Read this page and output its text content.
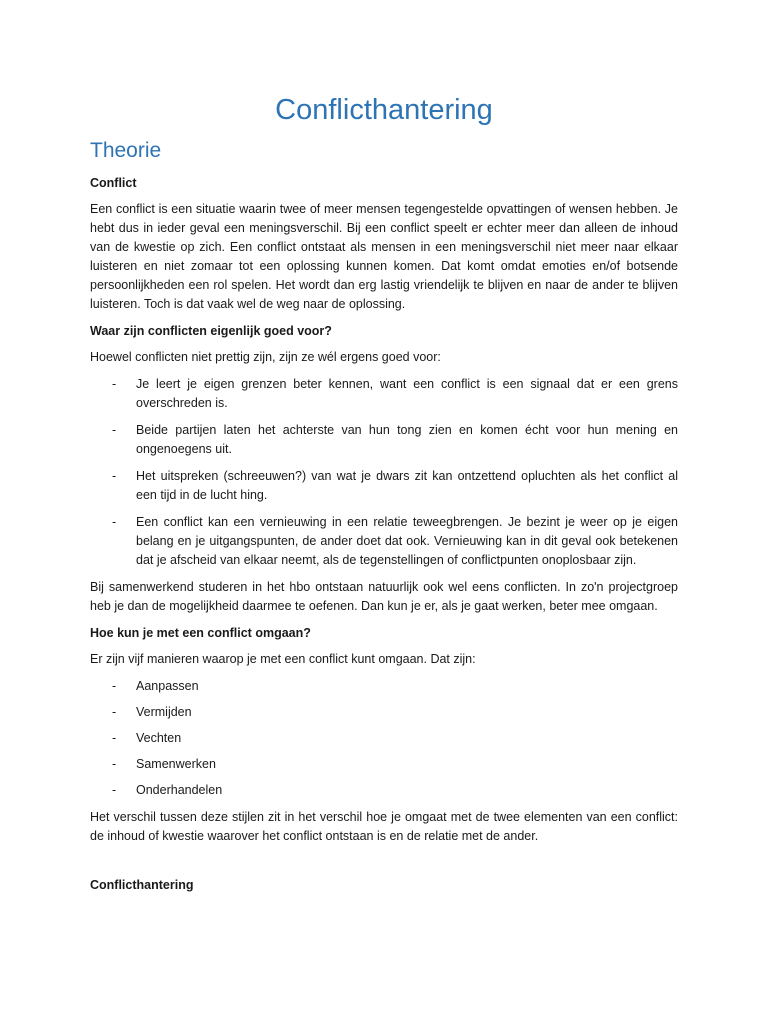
Conflicthantering
Theorie
Conflict

Een conflict is een situatie waarin twee of meer mensen tegengestelde opvattingen of wensen hebben. Je hebt dus in ieder geval een meningsverschil. Bij een conflict speelt er echter meer dan alleen de inhoud van de kwestie op zich. Een conflict ontstaat als mensen in een meningsverschil niet meer naar elkaar luisteren en niet zomaar tot een oplossing kunnen komen. Dat komt omdat emoties en/of botsende persoonlijkheden een rol spelen. Het wordt dan erg lastig vriendelijk te blijven en naar de ander te blijven luisteren. Toch is dat vaak wel de weg naar de oplossing.

Waar zijn conflicten eigenlijk goed voor?

Hoewel conflicten niet prettig zijn, zijn ze wél ergens goed voor:

- Je leert je eigen grenzen beter kennen, want een conflict is een signaal dat er een grens overschreden is.
- Beide partijen laten het achterste van hun tong zien en komen écht voor hun mening en ongenoegens uit.
- Het uitspreken (schreeuwen?) van wat je dwars zit kan ontzettend opluchten als het conflict al een tijd in de lucht hing.
- Een conflict kan een vernieuwing in een relatie teweegbrengen. Je bezint je weer op je eigen belang en je uitgangspunten, de ander doet dat ook. Vernieuwing kan in dit geval ook betekenen dat je afscheid van elkaar neemt, als de tegenstellingen of conflictpunten onoplosbaar zijn.

Bij samenwerkend studeren in het hbo ontstaan natuurlijk ook wel eens conflicten. In zo'n projectgroep heb je dan de mogelijkheid daarmee te oefenen. Dan kun je er, als je gaat werken, beter mee omgaan.

Hoe kun je met een conflict omgaan?

Er zijn vijf manieren waarop je met een conflict kunt omgaan. Dat zijn:

- Aanpassen
- Vermijden
- Vechten
- Samenwerken
- Onderhandelen

Het verschil tussen deze stijlen zit in het verschil hoe je omgaat met de twee elementen van een conflict: de inhoud of kwestie waarover het conflict ontstaan is en de relatie met de ander.

Conflicthantering
